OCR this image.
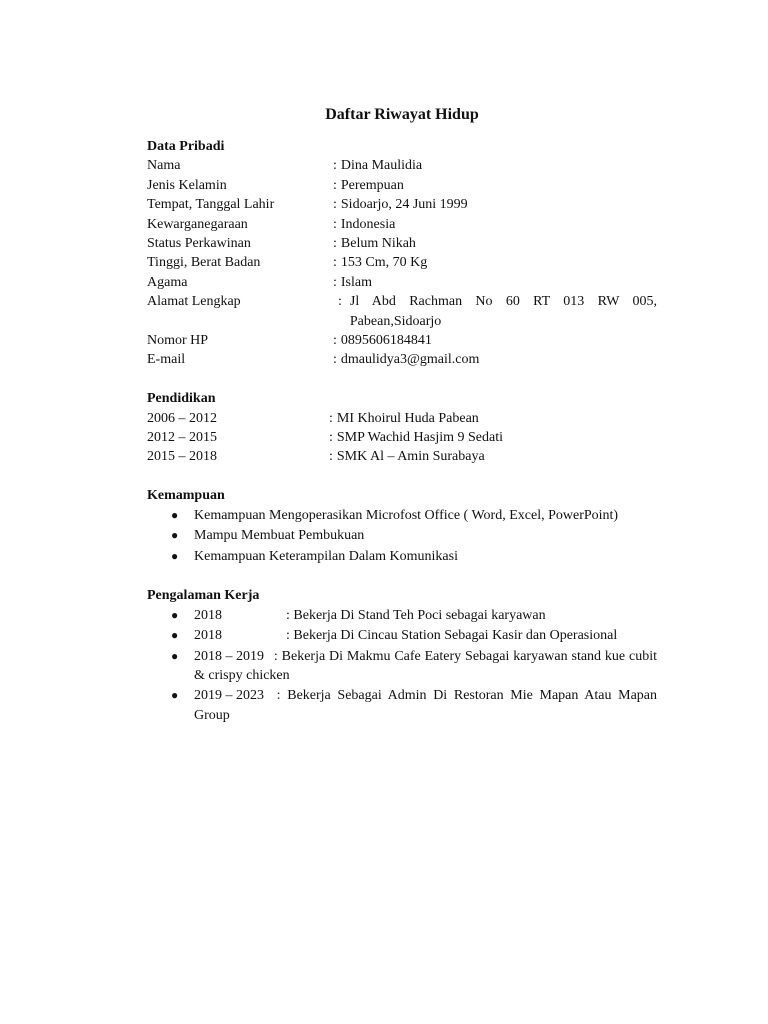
Daftar Riwayat Hidup
Data Pribadi
Nama	: Dina Maulidia
Jenis Kelamin	: Perempuan
Tempat, Tanggal Lahir	: Sidoarjo, 24 Juni 1999
Kewarganegaraan	: Indonesia
Status Perkawinan	: Belum Nikah
Tinggi, Berat Badan	: 153 Cm, 70 Kg
Agama	: Islam
Alamat Lengkap	: Jl Abd Rachman No 60 RT 013 RW 005, Pabean,Sidoarjo
Nomor HP	: 0895606184841
E-mail	: dmaulidya3@gmail.com
Pendidikan
2006 – 2012	: MI Khoirul Huda Pabean
2012 – 2015	: SMP Wachid Hasjim 9 Sedati
2015 – 2018	: SMK Al – Amin Surabaya
Kemampuan
● Kemampuan Mengoperasikan Microfost Office ( Word, Excel, PowerPoint)
● Mampu Membuat Pembukuan
● Kemampuan Keterampilan Dalam Komunikasi
Pengalaman Kerja
● 2018	: Bekerja Di Stand Teh Poci sebagai karyawan
● 2018	: Bekerja Di Cincau Station Sebagai Kasir dan Operasional
● 2018 – 2019 : Bekerja Di Makmu Cafe Eatery Sebagai karyawan stand kue cubit & crispy chicken
● 2019 – 2023 : Bekerja Sebagai Admin Di Restoran Mie Mapan Atau Mapan Group
